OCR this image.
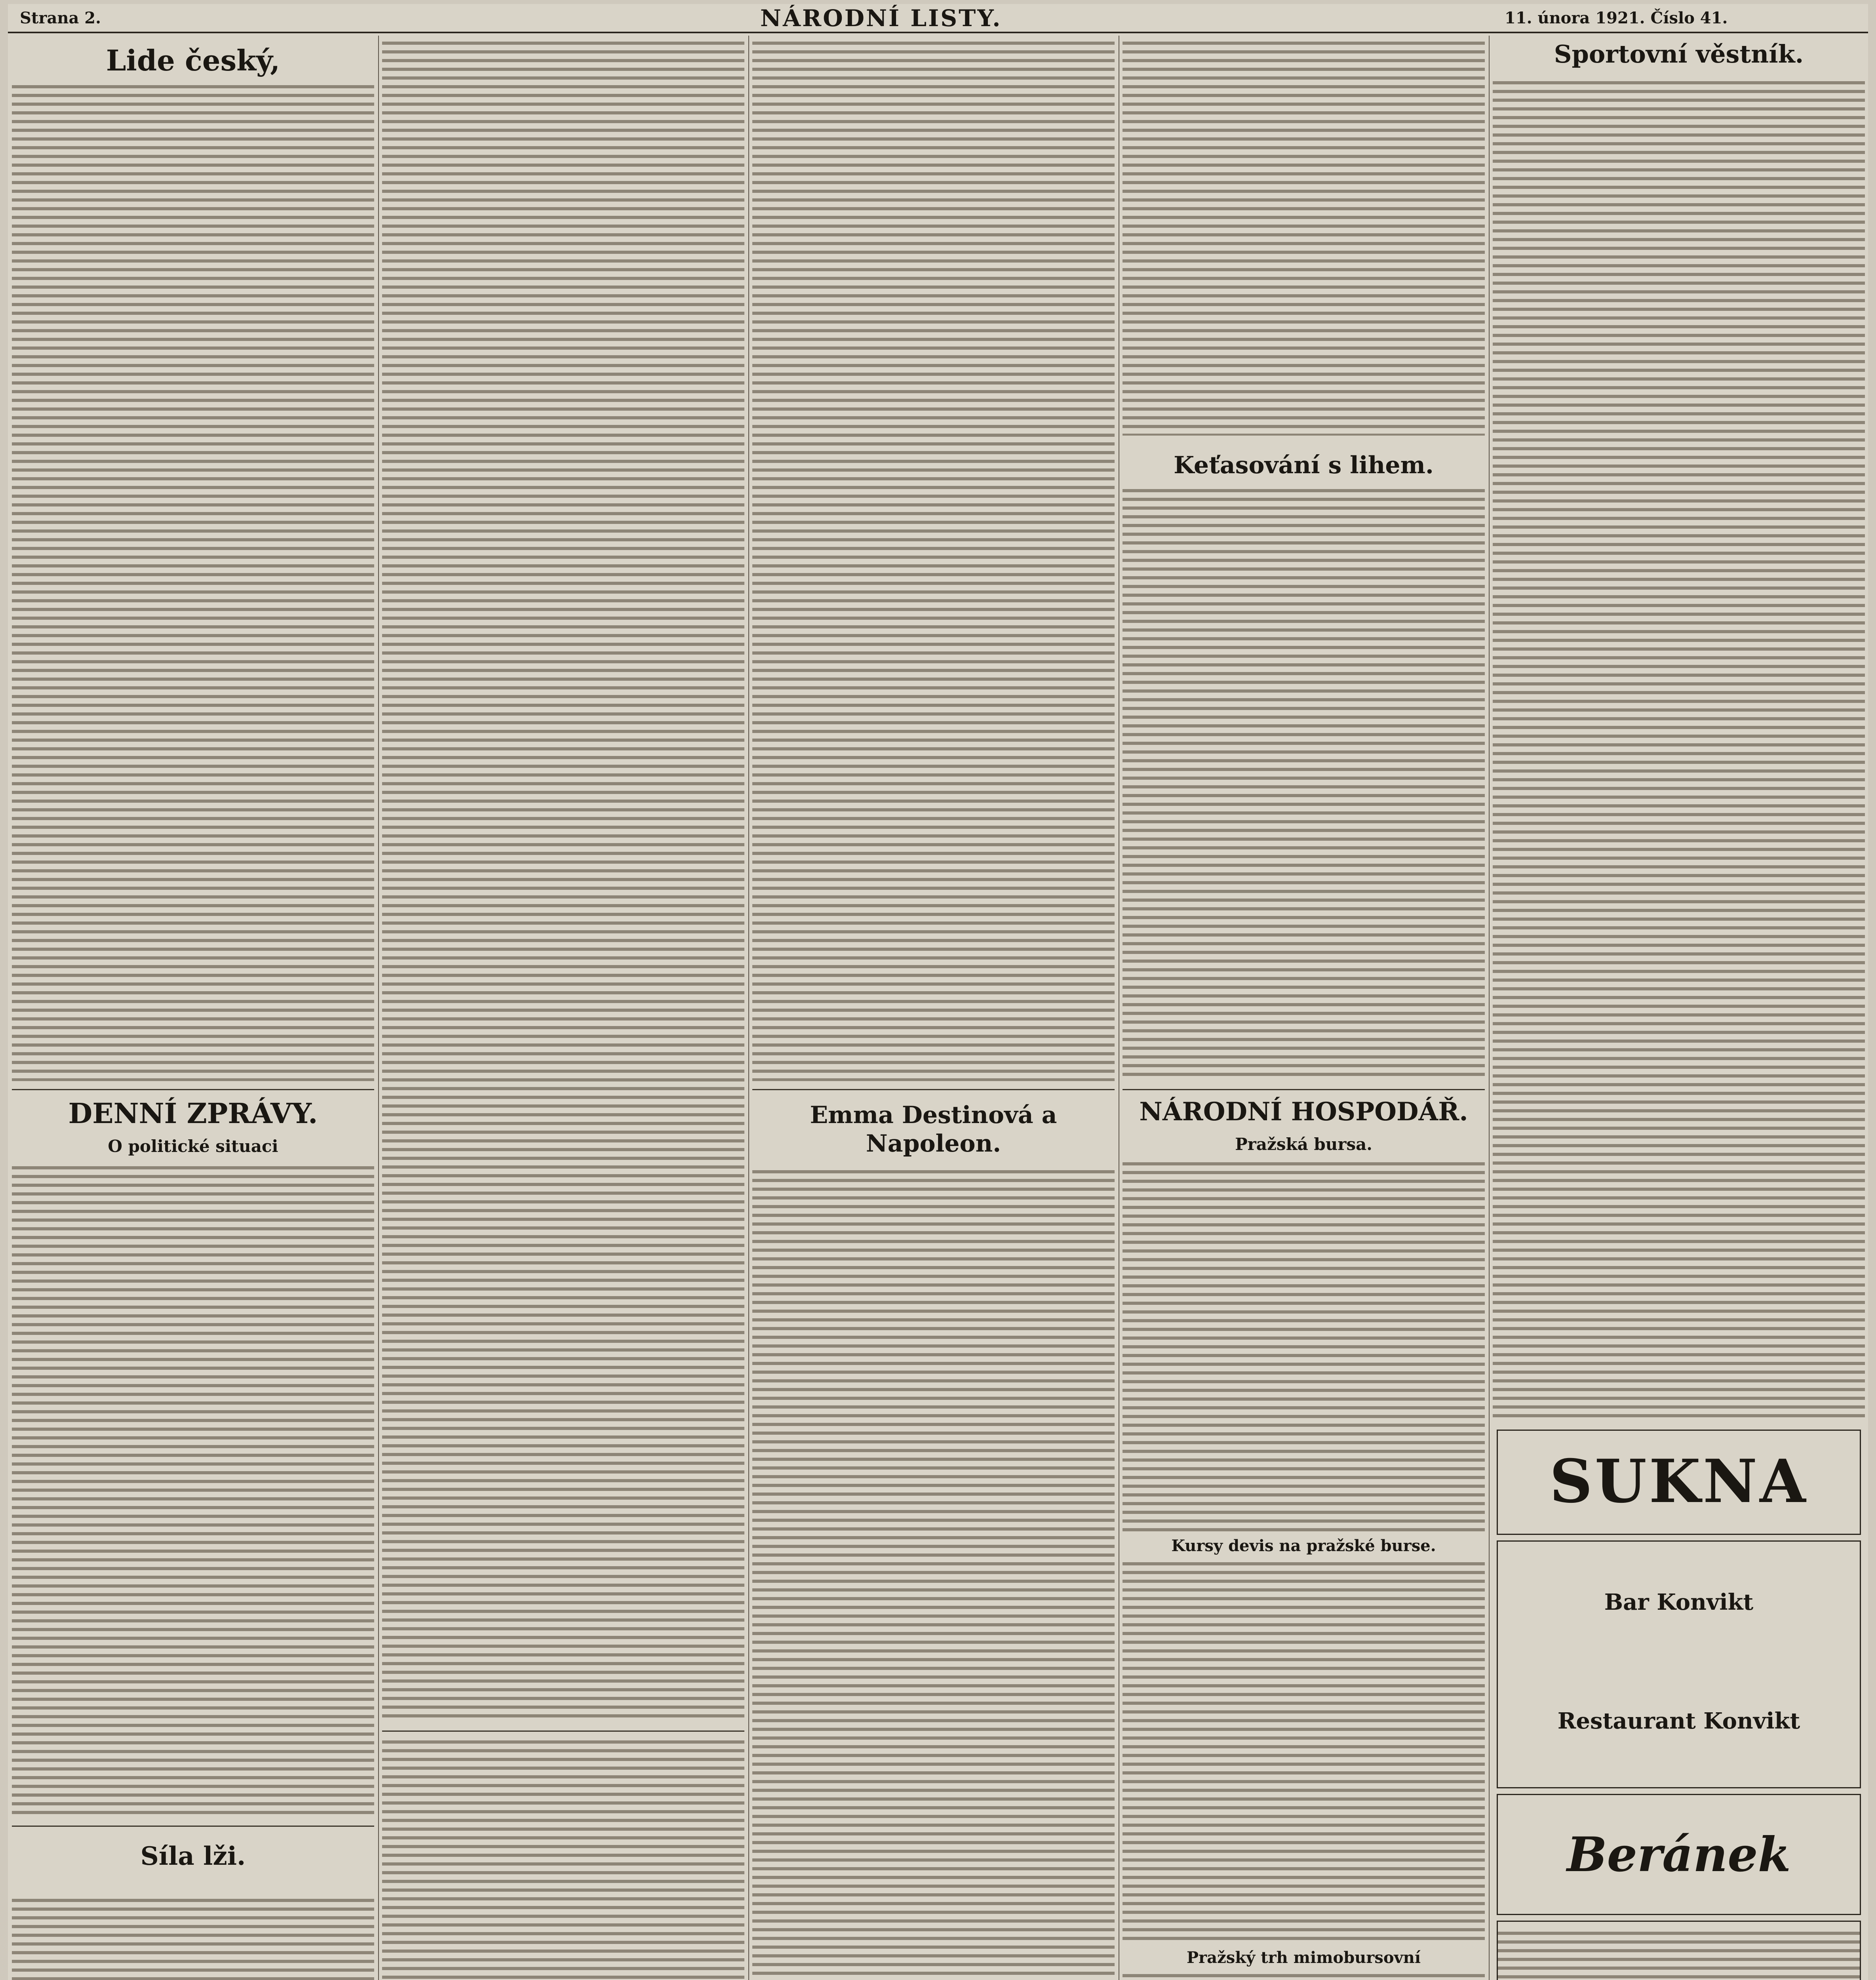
Strana 2.	NÁRODNÍ LISTY.	11. února 1921. Číslo 41.
Lide český,
DENNÍ ZPRÁVY.
O politické situaci
Síla lži.
Emma Destinová a Napoleon.
Keťasování s lihem.
NÁRODNÍ HOSPODÁŘ.
Pražská bursa.
Kursy devis na pražské burse.
Pražský trh mimobursovní
Sportovní věstník.
SUKNA
Bar Konvikt
Restaurant Konvikt
Beránek
